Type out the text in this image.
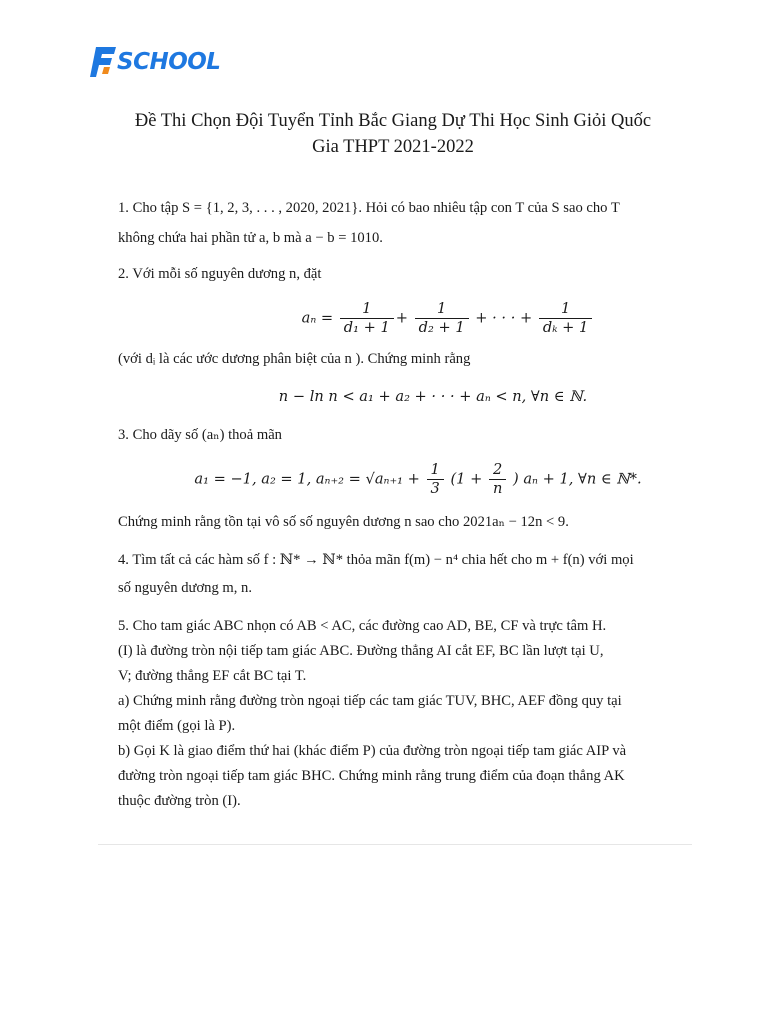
SCHOOL
Đề Thi Chọn Đội Tuyển Tỉnh Bắc Giang Dự Thi Học Sinh Giỏi Quốc
Gia THPT 2021-2022

1. Cho tập S = {1, 2, 3, . . . , 2020, 2021}. Hỏi có bao nhiêu tập con T của S sao cho T

không chứa hai phần tử a, b mà a − b = 1010.

2. Với mỗi số nguyên dương n, đặt

$a_n = \frac{1}{\text{d₁ + 1}} + \frac{1}{\text{d₂ + 1}}$ + · · · + $\frac{1}{\text{dₖ + 1}}$

(với dᵢ là các ước dương phân biệt của n ). Chứng minh rằng

n − ln n < a₁ + a₂ + · · · + aₙ < n, ∀n ∈ ℕ.

3. Cho dãy số (aₙ) thoả mãn

a₁ = −1, a₂ = 1, $a_{n+2} = √a_{n+1} + \frac{1}{3} (1 + \frac{2}{n}$ ) aₙ + 1, ∀n ∈ ℕ*.

Chứng minh rằng tồn tại vô số số nguyên dương n sao cho 2021aₙ − 12n < 9.

4. Tìm tất cả các hàm số f : ℕ* → ℕ* thỏa mãn f(m) − n⁴ chia hết cho m + f(n) với mọi

số nguyên dương m, n.

5. Cho tam giác ABC nhọn có AB < AC, các đường cao AD, BE, CF và trực tâm H.

(I) là đường tròn nội tiếp tam giác ABC. Đường thẳng AI cắt EF, BC lần lượt tại U,

V; đường thẳng EF cắt BC tại T.

a) Chứng minh rằng đường tròn ngoại tiếp các tam giác TUV, BHC, AEF đồng quy tại

một điểm (gọi là P).

b) Gọi K là giao điểm thứ hai (khác điểm P) của đường tròn ngoại tiếp tam giác AIP và

đường tròn ngoại tiếp tam giác BHC. Chứng minh rằng trung điểm của đoạn thẳng AK

thuộc đường tròn (I).
